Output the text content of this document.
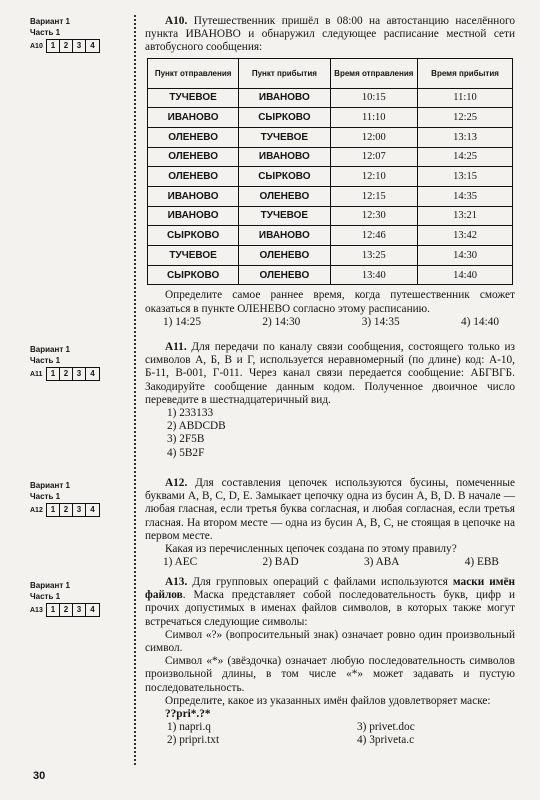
Вариант 1
Часть 1
A10 1	2	3	4
Вариант 1
Часть 1
A11	1	2	3	4
Вариант 1
Часть 1
A12 1	2	3	4
Вариант 1
Часть 1
A13 1	2	3	4

A10. Путешественник пришёл в 08:00 на автостанцию населённого пункта ИВАНОВО и обнаружил следующее расписание местной сети автобусного сообщения:

Пункт отправления	Пункт прибытия	Время отправления	Время прибытия
ТУЧЕВОЕ	ИВАНОВО	10:15	11:10
ИВАНОВО	СЫРКОВО	11:10	12:25
ОЛЕНЕВО	ТУЧЕВОЕ	12:00	13:13
ОЛЕНЕВО	ИВАНОВО	12:07	14:25
ОЛЕНЕВО	СЫРКОВО	12:10	13:15
ИВАНОВО	ОЛЕНЕВО	12:15	14:35
ИВАНОВО	ТУЧЕВОЕ	12:30	13:21
СЫРКОВО	ИВАНОВО	12:46	13:42
ТУЧЕВОЕ	ОЛЕНЕВО	13:25	14:30
СЫРКОВО	ОЛЕНЕВО	13:40	14:40

Определите самое раннее время, когда путешественник сможет оказаться в пункте ОЛЕНЕВО согласно этому расписанию.

1) 14:25	2) 14:30	3) 14:35	4) 14:40

A11. Для передачи по каналу связи сообщения, состоящего только из символов А, Б, В и Г, используется неравномерный (по длине) код: А-10, Б-11, В-001, Г-011. Через канал связи передается сообщение: АБГВГБ. Закодируйте сообщение данным кодом. Полученное двоичное число переведите в шестнадцатеричный вид.

1) 233133
2) ABDCDB
3) 2F5B
4) 5B2F

A12. Для составления цепочек используются бусины, помеченные буквами A, B, C, D, E. Замыкает цепочку одна из бусин A, B, D. В начале — любая гласная, если третья буква согласная, и любая согласная, если третья гласная. На втором месте — одна из бусин A, B, C, не стоящая в цепочке на первом месте.

Какая из перечисленных цепочек создана по этому правилу?

1) AEC	2) BAD	3) ABA	4) EBB

A13. Для групповых операций с файлами используются маски имён файлов. Маска представляет собой последовательность букв, цифр и прочих допустимых в именах файлов символов, в которых также могут встречаться следующие символы:

Символ «?» (вопросительный знак) означает ровно один произвольный символ.

Символ «*» (звёздочка) означает любую последовательность символов произвольной длины, в том числе «*» может задавать и пустую последовательность.

Определите, какое из указанных имён файлов удовлетворяет маске:

??pri*.?*

1) napri.q	3) privet.doc
2) pripri.txt	4) 3priveta.c
30
